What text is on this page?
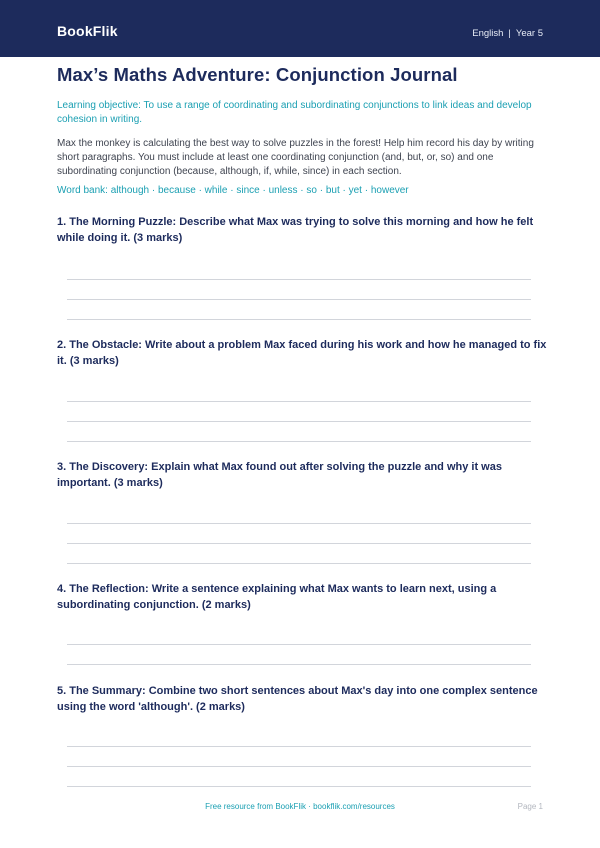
BookFlik	English | Year 5
Max’s Maths Adventure: Conjunction Journal

Learning objective: To use a range of coordinating and subordinating conjunctions to link ideas and develop cohesion in writing.

Max the monkey is calculating the best way to solve puzzles in the forest! Help him record his day by writing short paragraphs. You must include at least one coordinating conjunction (and, but, or, so) and one subordinating conjunction (because, although, if, while, since) in each section.

Word bank: although · because · while · since · unless · so · but · yet · however

1. The Morning Puzzle: Describe what Max was trying to solve this morning and how he felt while doing it. (3 marks)

2. The Obstacle: Write about a problem Max faced during his work and how he managed to fix it. (3 marks)

3. The Discovery: Explain what Max found out after solving the puzzle and why it was important. (3 marks)

4. The Reflection: Write a sentence explaining what Max wants to learn next, using a subordinating conjunction. (2 marks)

5. The Summary: Combine two short sentences about Max's day into one complex sentence using the word 'although'. (2 marks)

Free resource from BookFlik · bookflik.com/resources	Page 1
